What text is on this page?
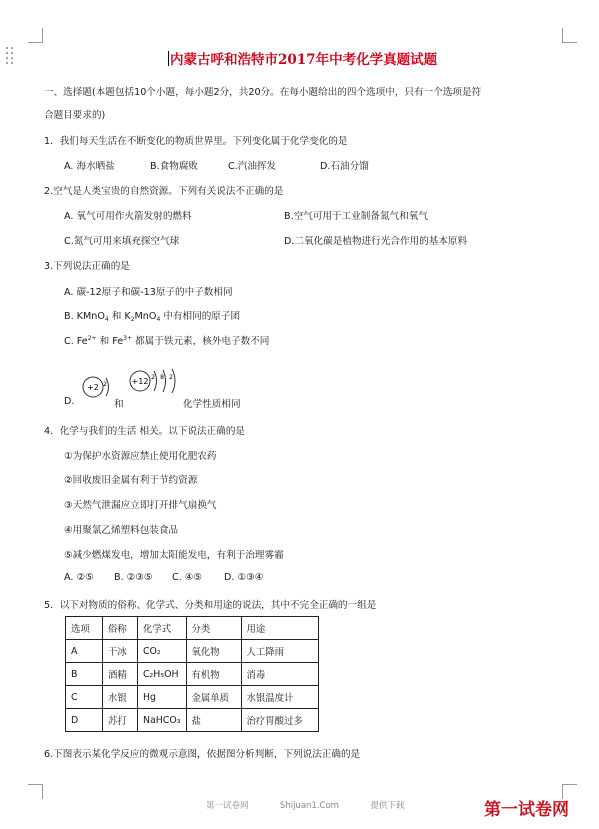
内蒙古呼和浩特市2017年中考化学真题试题
一、选择题(本题包括10个小题，每小题2分，共20分。在每小题给出的四个选项中，只有一个选项是符
合题目要求的)
1．我们每天生活在不断变化的物质世界里。下列变化属于化学变化的是
A. 海水晒盐	B.食物腐败	C.汽油挥发	D.石油分馏
2.空气是人类宝贵的自然资源。下列有关说法不正确的是
A. 氧气可用作火箭发射的燃料	B.空气可用于工业制备氮气和氧气
C.氮气可用来填充探空气球	D.二氧化碳是植物进行光合作用的基本原料
3.下列说法正确的是
A. 碳-12原子和碳-13原子的中子数相同
B. KMnO$_4$ 和 $K_2MnO_4$ 中有相同的原子团
C. $Fe^{2+}$ 和 $Fe^{3+}$ 都属于铁元素，核外电子数不同
D.
+2 2
和
+12 2 8 2
化学性质相同
4．化学与我们的生活 相关。以下说法正确的是
①为保护水资源应禁止使用化肥农药
②回收废旧金属有利于节约资源
③天然气泄漏应立即打开排气扇换气
④用聚氯乙烯塑料包装食品
⑤减少燃煤发电，增加太阳能发电，有利于治理雾霾
A. ②⑤ B. ②③⑤ C. ④⑤ D. ①③④
5．以下对物质的俗称、化学式、分类和用途的说法，其中不完全正确的一组是
选项	俗称	化学式	分类	用途
A	干冰	CO₂	氧化物	人工降雨
B	酒精	C₂H₅OH	有机物	消毒
C	水银	Hg	金属单质	水银温度计
D	苏打	NaHCO₃	盐	治疗胃酸过多
6.下图表示某化学反应的微观示意图，依据图分析判断，下列说法正确的是
第一试卷网	Shijuan1.Com	提供下载	第一试卷网
